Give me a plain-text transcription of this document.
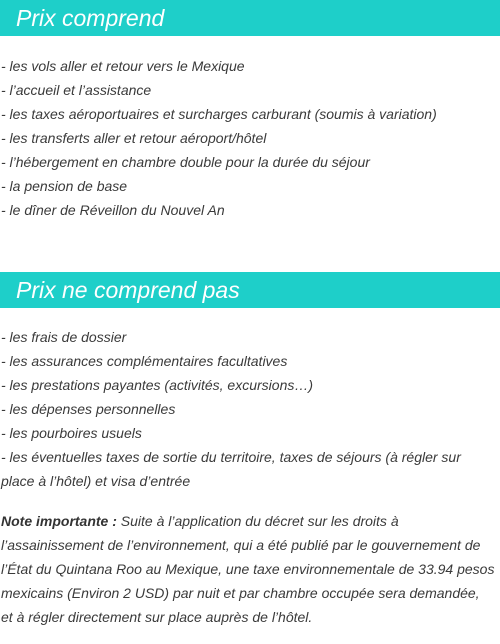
Prix comprend
- les vols aller et retour vers le Mexique
- l’accueil et l’assistance
- les taxes aéroportuaires et surcharges carburant (soumis à variation)
- les transferts aller et retour aéroport/hôtel
- l’hébergement en chambre double pour la durée du séjour
- la pension de base
- le dîner de Réveillon du Nouvel An
Prix ne comprend pas
- les frais de dossier
- les assurances complémentaires facultatives
- les prestations payantes (activités, excursions…)
- les dépenses personnelles
- les pourboires usuels
- les éventuelles taxes de sortie du territoire, taxes de séjours (à régler sur place à l’hôtel) et visa d’entrée

Note importante : Suite à l’application du décret sur les droits à l’assainissement de l’environnement, qui a été publié par le gouvernement de l’État du Quintana Roo au Mexique, une taxe environnementale de 33.94 pesos mexicains (Environ 2 USD) par nuit et par chambre occupée sera demandée, et à régler directement sur place auprès de l’hôtel.
